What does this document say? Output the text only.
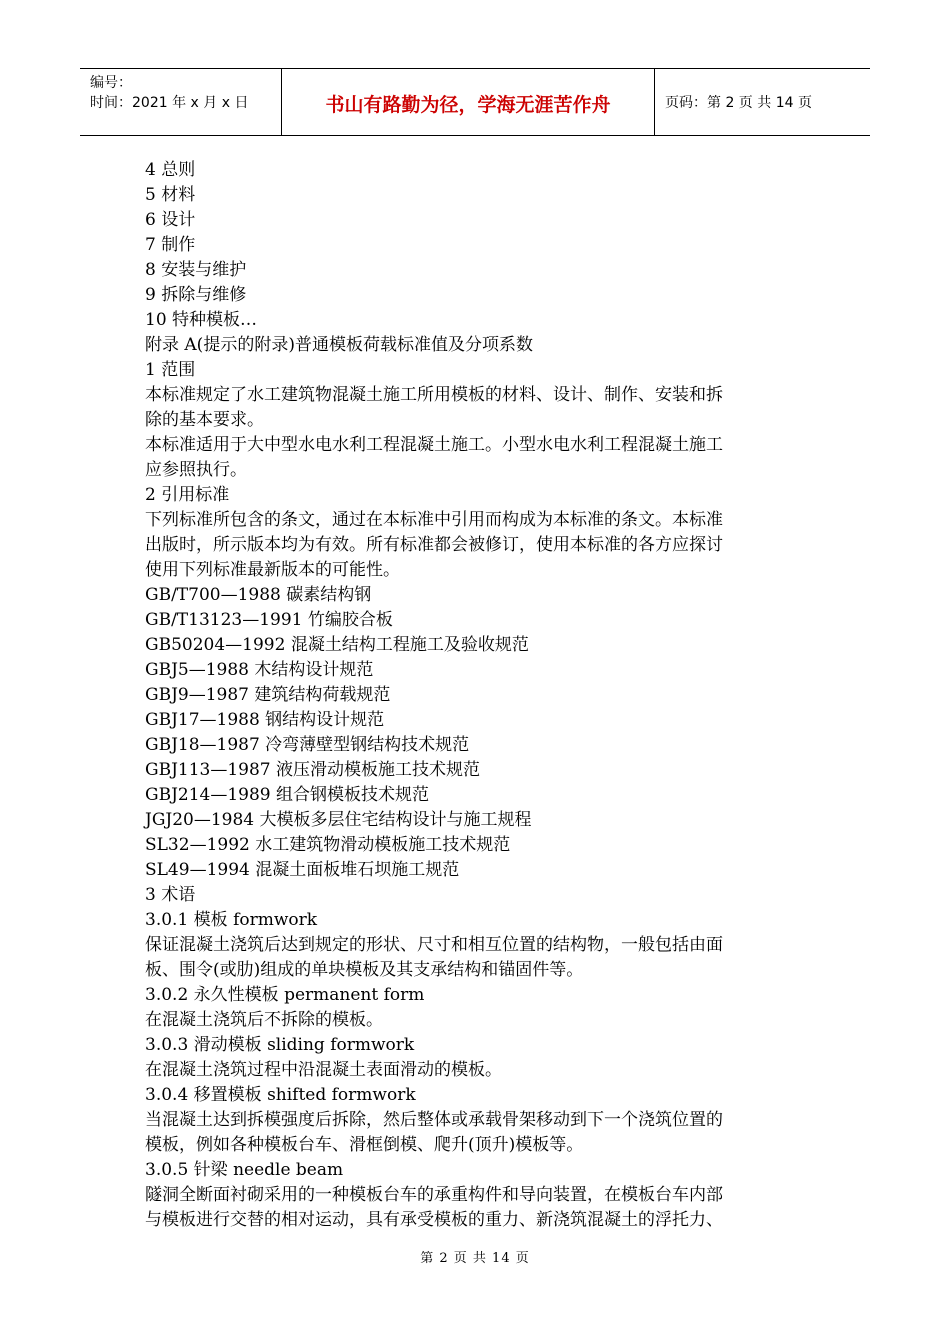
编号：
时间：2021 年 x 月 x 日	书山有路勤为径，学海无涯苦作舟	页码：第 2 页 共 14 页
4 总则
5 材料
6 设计
7 制作
8 安装与维护
9 拆除与维修
10 特种模板…
附录 A(提示的附录)普通模板荷载标准值及分项系数
1 范围
本标准规定了水工建筑物混凝土施工所用模板的材料、设计、制作、安装和拆
除的基本要求。
本标准适用于大中型水电水利工程混凝土施工。小型水电水利工程混凝土施工
应参照执行。
2 引用标准
下列标准所包含的条文，通过在本标准中引用而构成为本标准的条文。本标准
出版时，所示版本均为有效。所有标准都会被修订，使用本标准的各方应探讨
使用下列标准最新版本的可能性。
GB/T700—1988 碳素结构钢
GB/T13123—1991 竹编胶合板
GB50204—1992 混凝土结构工程施工及验收规范
GBJ5—1988 木结构设计规范
GBJ9—1987 建筑结构荷载规范
GBJ17—1988 钢结构设计规范
GBJ18—1987 冷弯薄壁型钢结构技术规范
GBJ113—1987 液压滑动模板施工技术规范
GBJ214—1989 组合钢模板技术规范
JGJ20—1984 大模板多层住宅结构设计与施工规程
SL32—1992 水工建筑物滑动模板施工技术规范
SL49—1994 混凝土面板堆石坝施工规范
3 术语
3.0.1 模板 formwork
保证混凝土浇筑后达到规定的形状、尺寸和相互位置的结构物，一般包括由面
板、围令(或肋)组成的单块模板及其支承结构和锚固件等。
3.0.2 永久性模板 permanent form
在混凝土浇筑后不拆除的模板。
3.0.3 滑动模板 sliding formwork
在混凝土浇筑过程中沿混凝土表面滑动的模板。
3.0.4 移置模板 shifted formwork
当混凝土达到拆模强度后拆除，然后整体或承载骨架移动到下一个浇筑位置的
模板，例如各种模板台车、滑框倒模、爬升(顶升)模板等。
3.0.5 针梁 needle beam
隧洞全断面衬砌采用的一种模板台车的承重构件和导向装置，在模板台车内部
与模板进行交替的相对运动，具有承受模板的重力、新浇筑混凝土的浮托力、
第 2 页 共 14 页
